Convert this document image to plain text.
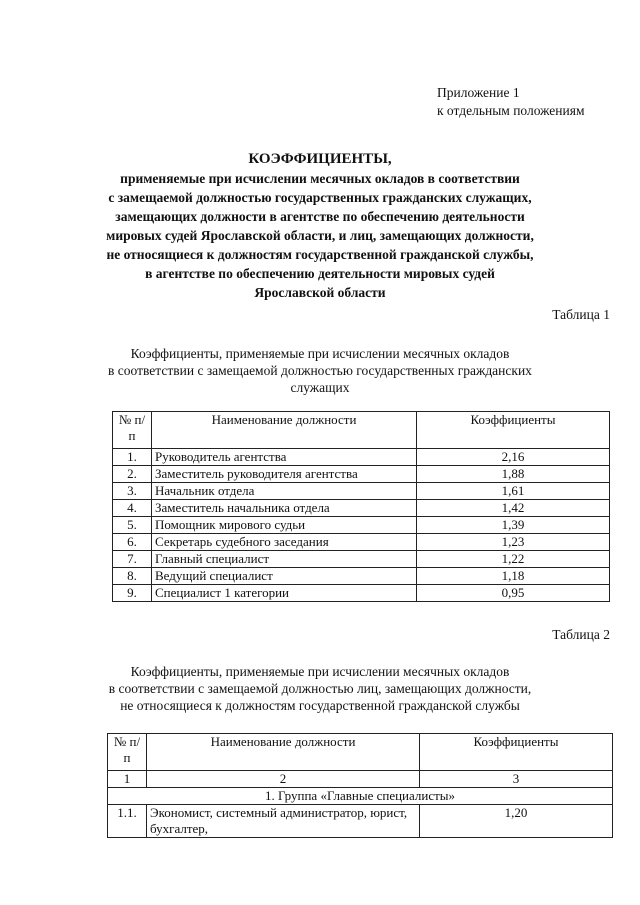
Приложение 1
к отдельным положениям
КОЭФФИЦИЕНТЫ,
применяемые при исчислении месячных окладов в соответствии
с замещаемой должностью государственных гражданских служащих,
замещающих должности в агентстве по обеспечению деятельности
мировых судей Ярославской области, и лиц, замещающих должности,
не относящиеся к должностям государственной гражданской службы,
в агентстве по обеспечению деятельности мировых судей
Ярославской области
Таблица 1
Коэффициенты, применяемые при исчислении месячных окладов
в соответствии с замещаемой должностью государственных гражданских
служащих
№ п/п	Наименование должности	Коэффициенты
1.	Руководитель агентства	2,16
2.	Заместитель руководителя агентства	1,88
3.	Начальник отдела	1,61
4.	Заместитель начальника отдела	1,42
5.	Помощник мирового судьи	1,39
6.	Секретарь судебного заседания	1,23
7.	Главный специалист	1,22
8.	Ведущий специалист	1,18
9.	Специалист 1 категории	0,95
Таблица 2
Коэффициенты, применяемые при исчислении месячных окладов
в соответствии с замещаемой должностью лиц, замещающих должности,
не относящиеся к должностям государственной гражданской службы
№ п/п	Наименование должности	Коэффициенты
1	2	3
1. Группа «Главные специалисты»		
1.1.	Экономист, системный администратор, юрист, бухгалтер,	1,20
